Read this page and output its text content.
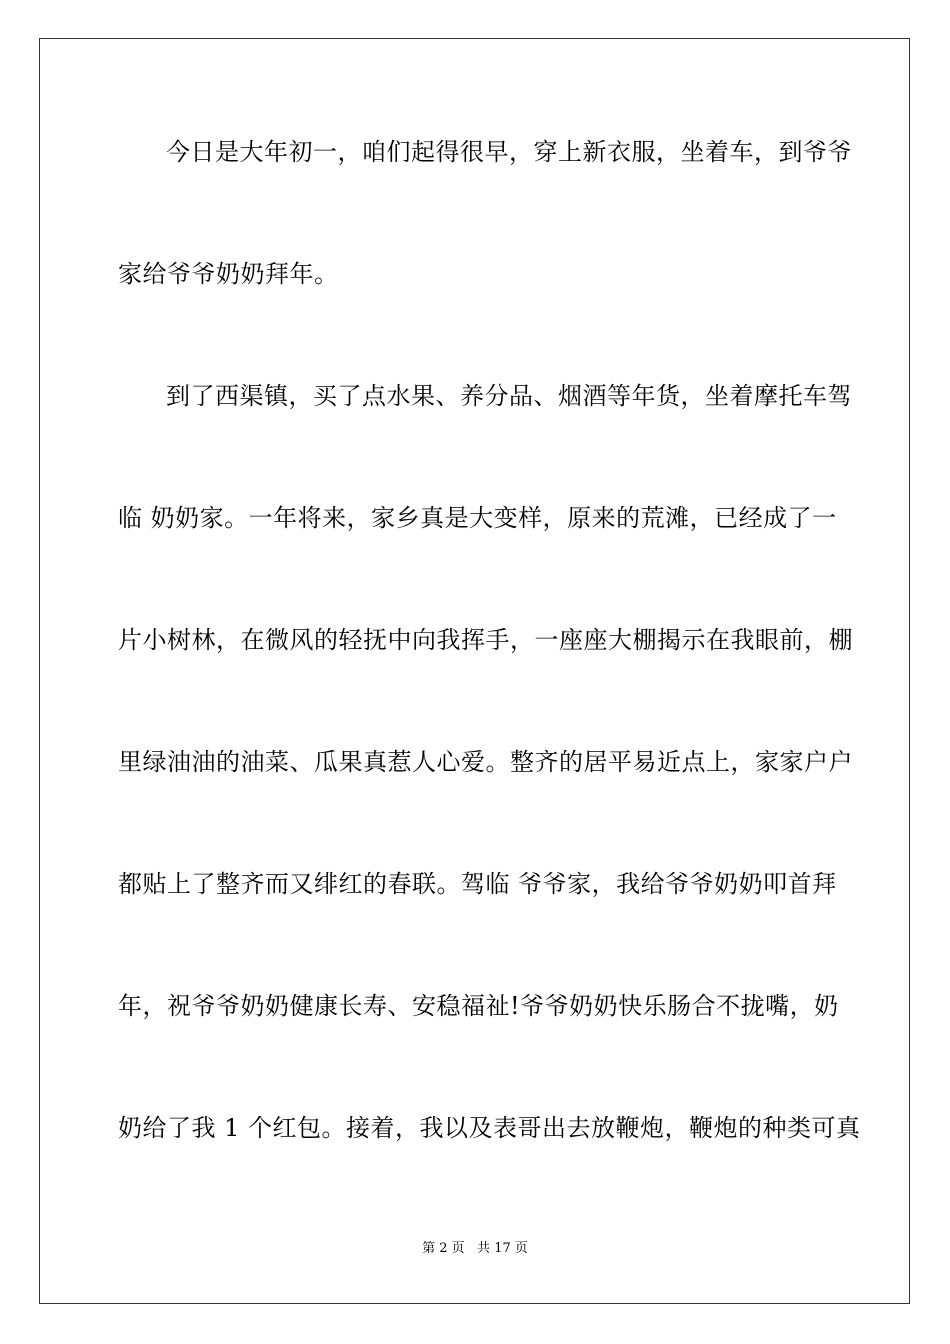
今日是大年初一，咱们起得很早，穿上新衣服，坐着车，到爷爷
家给爷爷奶奶拜年。
到了西渠镇，买了点水果、养分品、烟酒等年货，坐着摩托车驾
临 奶奶家。一年将来，家乡真是大变样，原来的荒滩，已经成了一
片小树林，在微风的轻抚中向我挥手，一座座大棚揭示在我眼前，棚
里绿油油的油菜、瓜果真惹人心爱。整齐的居平易近点上，家家户户
都贴上了整齐而又绯红的春联。驾临 爷爷家，我给爷爷奶奶叩首拜
年，祝爷爷奶奶健康长寿、安稳福祉!爷爷奶奶快乐肠合不拢嘴，奶
奶给了我 1 个红包。接着，我以及表哥出去放鞭炮，鞭炮的种类可真
第 2 页   共 17 页
